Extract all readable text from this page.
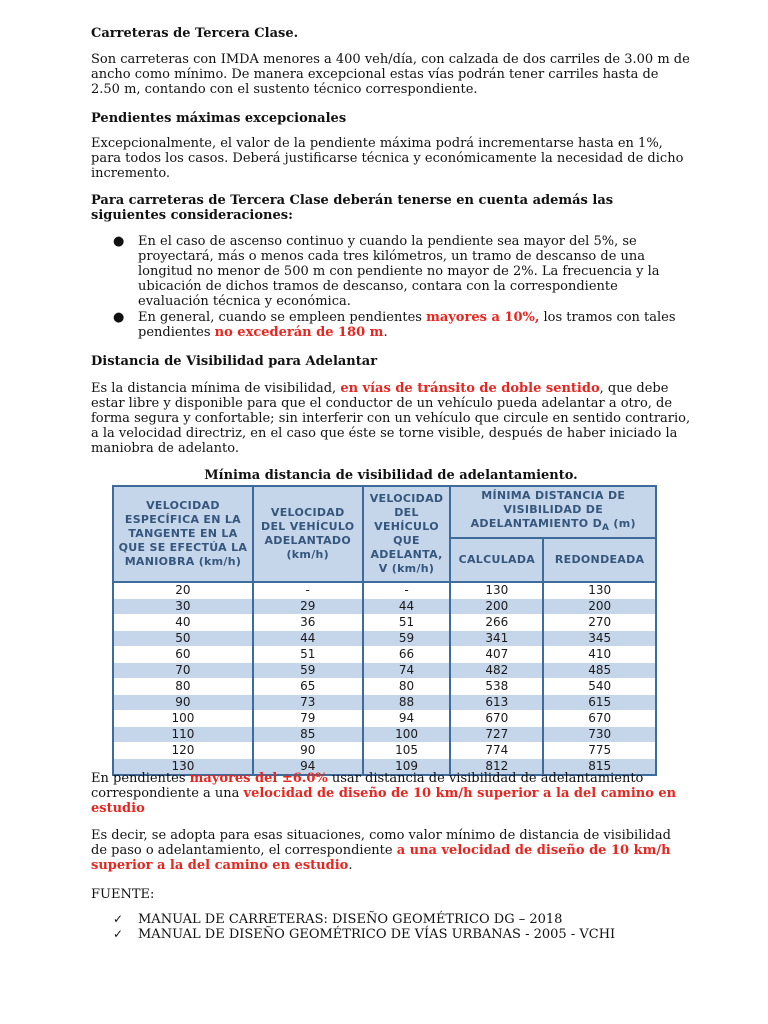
Carreteras de Tercera Clase.

Son carreteras con IMDA menores a 400 veh/día, con calzada de dos carriles de 3.00 m de ancho como mínimo. De manera excepcional estas vías podrán tener carriles hasta de 2.50 m, contando con el sustento técnico correspondiente.

Pendientes máximas excepcionales

Excepcionalmente, el valor de la pendiente máxima podrá incrementarse hasta en 1%, para todos los casos. Deberá justificarse técnica y económicamente la necesidad de dicho incremento.

Para carreteras de Tercera Clase deberán tenerse en cuenta además las siguientes consideraciones:

● En el caso de ascenso continuo y cuando la pendiente sea mayor del 5%, se proyectará, más o menos cada tres kilómetros, un tramo de descanso de una longitud no menor de 500 m con pendiente no mayor de 2%. La frecuencia y la ubicación de dichos tramos de descanso, contara con la correspondiente evaluación técnica y económica.
● En general, cuando se empleen pendientes mayores a 10%, los tramos con tales pendientes no excederán de 180 m.

Distancia de Visibilidad para Adelantar

Es la distancia mínima de visibilidad, en vías de tránsito de doble sentido, que debe estar libre y disponible para que el conductor de un vehículo pueda adelantar a otro, de forma segura y confortable; sin interferir con un vehículo que circule en sentido contrario, a la velocidad directriz, en el caso que éste se torne visible, después de haber iniciado la maniobra de adelanto.

Mínima distancia de visibilidad de adelantamiento.

VELOCIDAD ESPECÍFICA EN LA TANGENTE EN LA QUE SE EFECTÚA LA MANIOBRA (km/h)	VELOCIDAD DEL VEHÍCULO ADELANTADO (km/h)	VELOCIDAD DEL VEHÍCULO QUE ADELANTA, V (km/h)	MÍNIMA DISTANCIA DE VISIBILIDAD DE ADELANTAMIENTO $D_A$ (m)	
			CALCULADA	REDONDEADA
20	-	-	130	130
30	29	44	200	200
40	36	51	266	270
50	44	59	341	345
60	51	66	407	410
70	59	74	482	485
80	65	80	538	540
90	73	88	613	615
100	79	94	670	670
110	85	100	727	730
120	90	105	774	775
130	94	109	812	815

En pendientes mayores del ±6.0% usar distancia de visibilidad de adelantamiento correspondiente a una velocidad de diseño de 10 km/h superior a la del camino en estudio

Es decir, se adopta para esas situaciones, como valor mínimo de distancia de visibilidad de paso o adelantamiento, el correspondiente a una velocidad de diseño de 10 km/h superior a la del camino en estudio.

FUENTE:

✓ MANUAL DE CARRETERAS: DISEÑO GEOMÉTRICO DG – 2018
✓ MANUAL DE DISEÑO GEOMÉTRICO DE VÍAS URBANAS - 2005 - VCHI
